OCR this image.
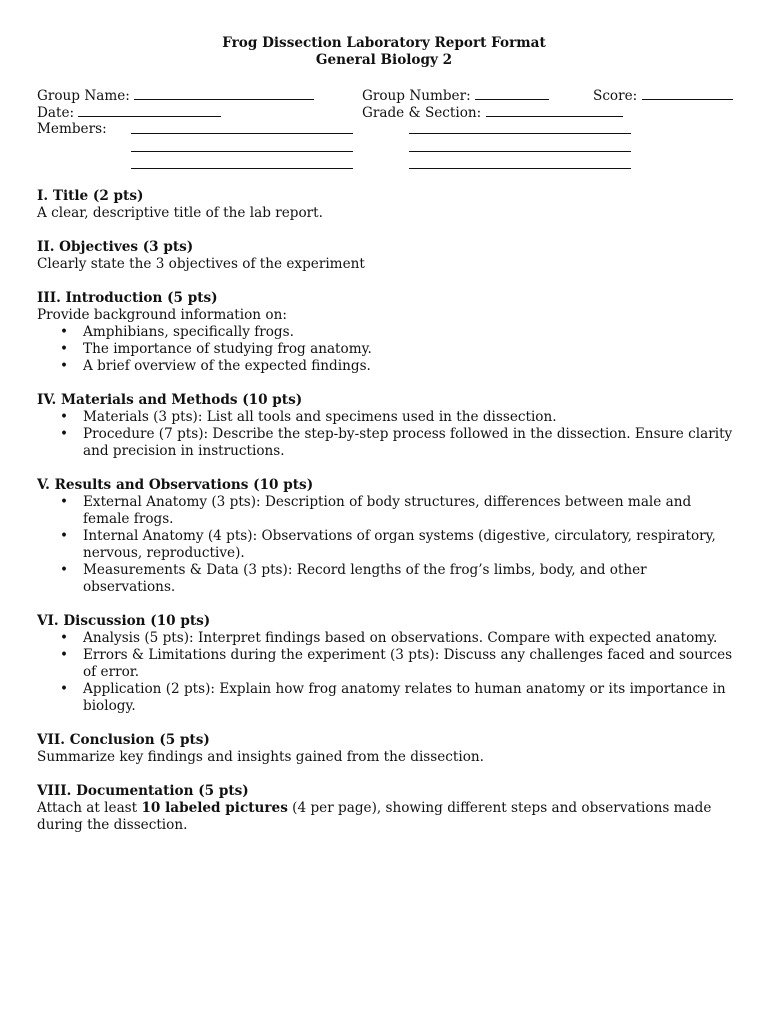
Frog Dissection Laboratory Report Format
General Biology 2
Group Name:	Group Number:	Score:
Date:	Grade & Section:
Members:
I. Title (2 pts)
A clear, descriptive title of the lab report.
II. Objectives (3 pts)
Clearly state the 3 objectives of the experiment
III. Introduction (5 pts)
Provide background information on:
• Amphibians, specifically frogs.
• The importance of studying frog anatomy.
• A brief overview of the expected findings.
IV. Materials and Methods (10 pts)
• Materials (3 pts): List all tools and specimens used in the dissection.
• Procedure (7 pts): Describe the step-by-step process followed in the dissection. Ensure clarity and precision in instructions.
V. Results and Observations (10 pts)
• External Anatomy (3 pts): Description of body structures, differences between male and female frogs.
• Internal Anatomy (4 pts): Observations of organ systems (digestive, circulatory, respiratory, nervous, reproductive).
• Measurements & Data (3 pts): Record lengths of the frog’s limbs, body, and other observations.
VI. Discussion (10 pts)
• Analysis (5 pts): Interpret findings based on observations. Compare with expected anatomy.
• Errors & Limitations during the experiment (3 pts): Discuss any challenges faced and sources of error.
• Application (2 pts): Explain how frog anatomy relates to human anatomy or its importance in biology.
VII. Conclusion (5 pts)
Summarize key findings and insights gained from the dissection.
VIII. Documentation (5 pts)
Attach at least 10 labeled pictures (4 per page), showing different steps and observations made during the dissection.
